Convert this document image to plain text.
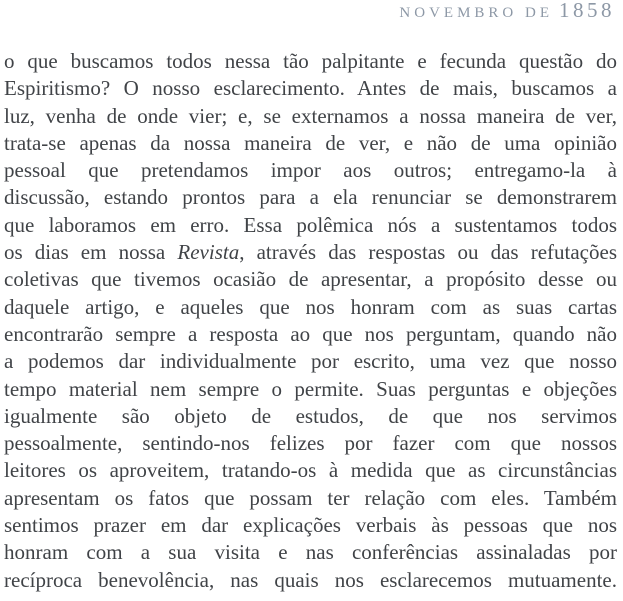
NOVEMBRO DE 1858
o que buscamos todos nessa tão palpitante e fecunda questão do
Espiritismo? O nosso esclarecimento. Antes de mais, buscamos a
luz, venha de onde vier; e, se externamos a nossa maneira de ver,
trata-se apenas da nossa maneira de ver, e não de uma opinião
pessoal que pretendamos impor aos outros; entregamo-la à
discussão, estando prontos para a ela renunciar se demonstrarem
que laboramos em erro. Essa polêmica nós a sustentamos todos
os dias em nossa Revista, através das respostas ou das refutações
coletivas que tivemos ocasião de apresentar, a propósito desse ou
daquele artigo, e aqueles que nos honram com as suas cartas
encontrarão sempre a resposta ao que nos perguntam, quando não
a podemos dar individualmente por escrito, uma vez que nosso
tempo material nem sempre o permite. Suas perguntas e objeções
igualmente são objeto de estudos, de que nos servimos
pessoalmente, sentindo-nos felizes por fazer com que nossos
leitores os aproveitem, tratando-os à medida que as circunstâncias
apresentam os fatos que possam ter relação com eles. Também
sentimos prazer em dar explicações verbais às pessoas que nos
honram com a sua visita e nas conferências assinaladas por
recíproca benevolência, nas quais nos esclarecemos mutuamente.
